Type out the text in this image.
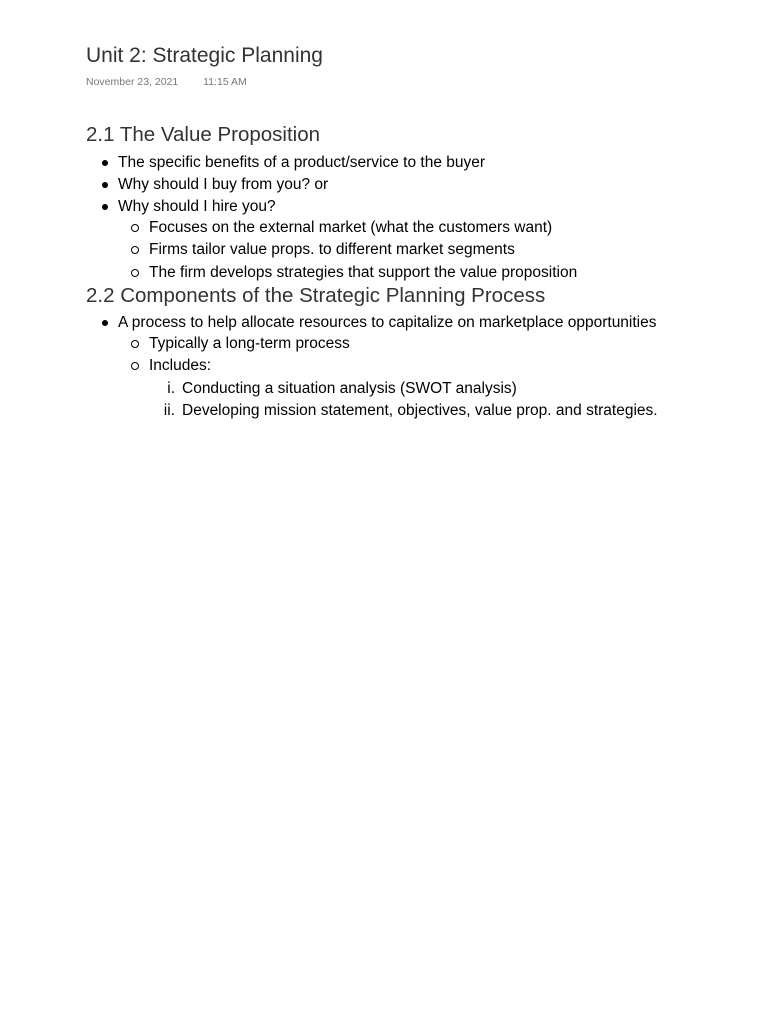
Unit 2: Strategic Planning
November 23, 2021 11:15 AM
2.1 The Value Proposition
The specific benefits of a product/service to the buyer
Why should I buy from you? or
Why should I hire you?
Focuses on the external market (what the customers want)
Firms tailor value props. to different market segments
The firm develops strategies that support the value proposition
2.2 Components of the Strategic Planning Process
A process to help allocate resources to capitalize on marketplace opportunities
Typically a long-term process
Includes:
i. Conducting a situation analysis (SWOT analysis)
ii. Developing mission statement, objectives, value prop. and strategies.
